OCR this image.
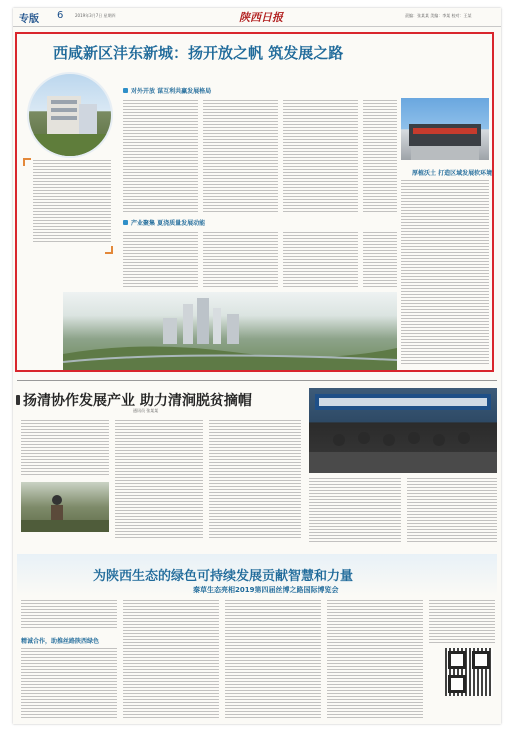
专版 6	2019年3月7日 星期四	陕西日报	责编：张某某 美编：李某 校对：王某
西咸新区沣东新城：扬开放之帆 筑发展之路
对外开放 谋互利共赢发展格局
厚植沃土 打造区域发展软环境
产业聚集 夏浇质量发展动能
扬清协作发展产业 助力清涧脱贫摘帽
通讯员 张某某
为陕西生态的绿色可持续发展贡献智慧和力量
秦草生态亮相2019第四届丝博之路国际博览会
精诚合作，助推丝路陕西绿色
